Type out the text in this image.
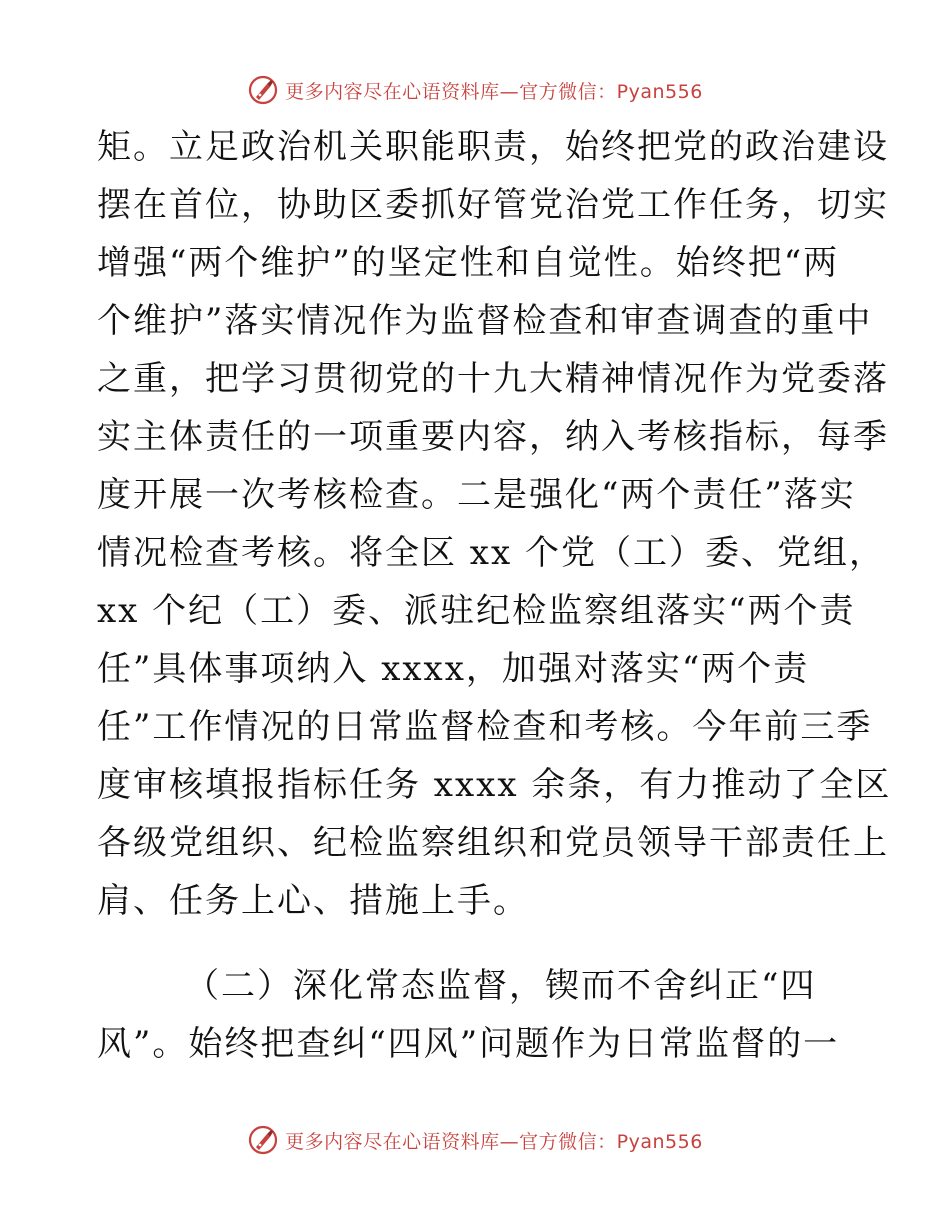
更多内容尽在心语资料库—官方微信：Pyan556
矩。立足政治机关职能职责，始终把党的政治建设
摆在首位，协助区委抓好管党治党工作任务，切实
增强“两个维护”的坚定性和自觉性。始终把“两
个维护”落实情况作为监督检查和审查调查的重中
之重，把学习贯彻党的十九大精神情况作为党委落
实主体责任的一项重要内容，纳入考核指标，每季
度开展一次考核检查。二是强化“两个责任”落实
情况检查考核。将全区 xx 个党（工）委、党组，
xx 个纪（工）委、派驻纪检监察组落实“两个责
任”具体事项纳入 xxxx，加强对落实“两个责
任”工作情况的日常监督检查和考核。今年前三季
度审核填报指标任务 xxxx 余条，有力推动了全区
各级党组织、纪检监察组织和党员领导干部责任上
肩、任务上心、措施上手。
（二）深化常态监督，锲而不舍纠正“四
风”。始终把查纠“四风”问题作为日常监督的一
更多内容尽在心语资料库—官方微信：Pyan556
